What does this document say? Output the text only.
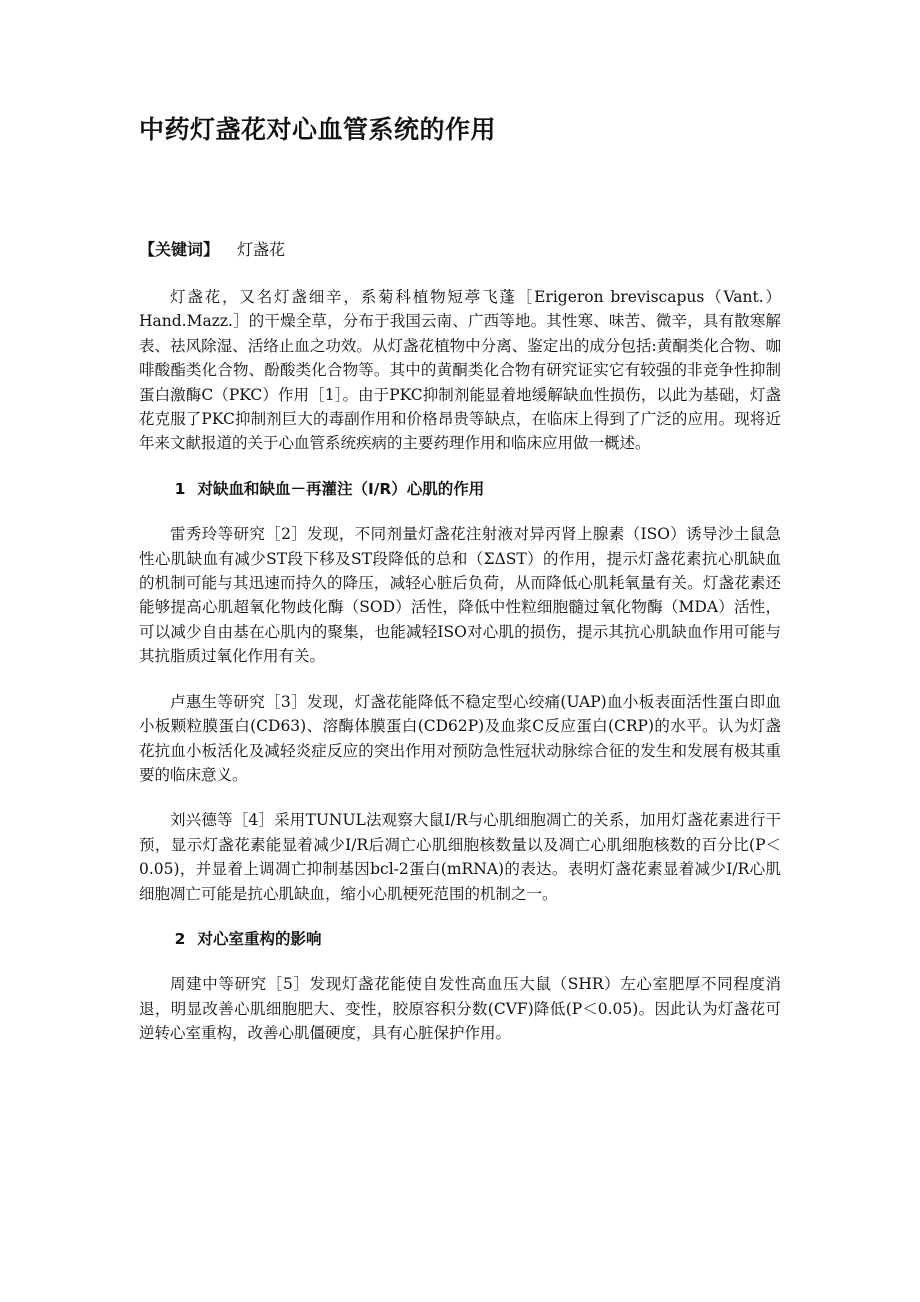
中药灯盏花对心血管系统的作用
【关键词】 灯盏花

灯盏花，又名灯盏细辛，系菊科植物短葶飞蓬［Erigeron breviscapus（Vant.）Hand.Mazz.］的干燥全草，分布于我国云南、广西等地。其性寒、味苦、微辛，具有散寒解表、祛风除湿、活络止血之功效。从灯盏花植物中分离、鉴定出的成分包括:黄酮类化合物、咖啡酸酯类化合物、酚酸类化合物等。其中的黄酮类化合物有研究证实它有较强的非竞争性抑制蛋白激酶C（PKC）作用［1］。由于PKC抑制剂能显着地缓解缺血性损伤，以此为基础，灯盏花克服了PKC抑制剂巨大的毒副作用和价格昂贵等缺点，在临床上得到了广泛的应用。现将近年来文献报道的关于心血管系统疾病的主要药理作用和临床应用做一概述。

1 对缺血和缺血－再灌注（I/R）心肌的作用

雷秀玲等研究［2］发现，不同剂量灯盏花注射液对异丙肾上腺素（ISO）诱导沙土鼠急性心肌缺血有减少ST段下移及ST段降低的总和（ΣΔST）的作用，提示灯盏花素抗心肌缺血的机制可能与其迅速而持久的降压，减轻心脏后负荷，从而降低心肌耗氧量有关。灯盏花素还能够提高心肌超氧化物歧化酶（SOD）活性，降低中性粒细胞髓过氧化物酶（MDA）活性，可以减少自由基在心肌内的聚集，也能减轻ISO对心肌的损伤，提示其抗心肌缺血作用可能与其抗脂质过氧化作用有关。

卢惠生等研究［3］发现，灯盏花能降低不稳定型心绞痛(UAP)血小板表面活性蛋白即血小板颗粒膜蛋白(CD63)、溶酶体膜蛋白(CD62P)及血浆C反应蛋白(CRP)的水平。认为灯盏花抗血小板活化及减轻炎症反应的突出作用对预防急性冠状动脉综合征的发生和发展有极其重要的临床意义。

刘兴德等［4］采用TUNUL法观察大鼠I/R与心肌细胞凋亡的关系，加用灯盏花素进行干预，显示灯盏花素能显着减少I/R后凋亡心肌细胞核数量以及凋亡心肌细胞核数的百分比(P＜0.05)，并显着上调凋亡抑制基因bcl-2蛋白(mRNA)的表达。表明灯盏花素显着减少I/R心肌细胞凋亡可能是抗心肌缺血，缩小心肌梗死范围的机制之一。

2 对心室重构的影响

周建中等研究［5］发现灯盏花能使自发性高血压大鼠（SHR）左心室肥厚不同程度消退，明显改善心肌细胞肥大、变性，胶原容积分数(CVF)降低(P＜0.05)。因此认为灯盏花可逆转心室重构，改善心肌僵硬度，具有心脏保护作用。
